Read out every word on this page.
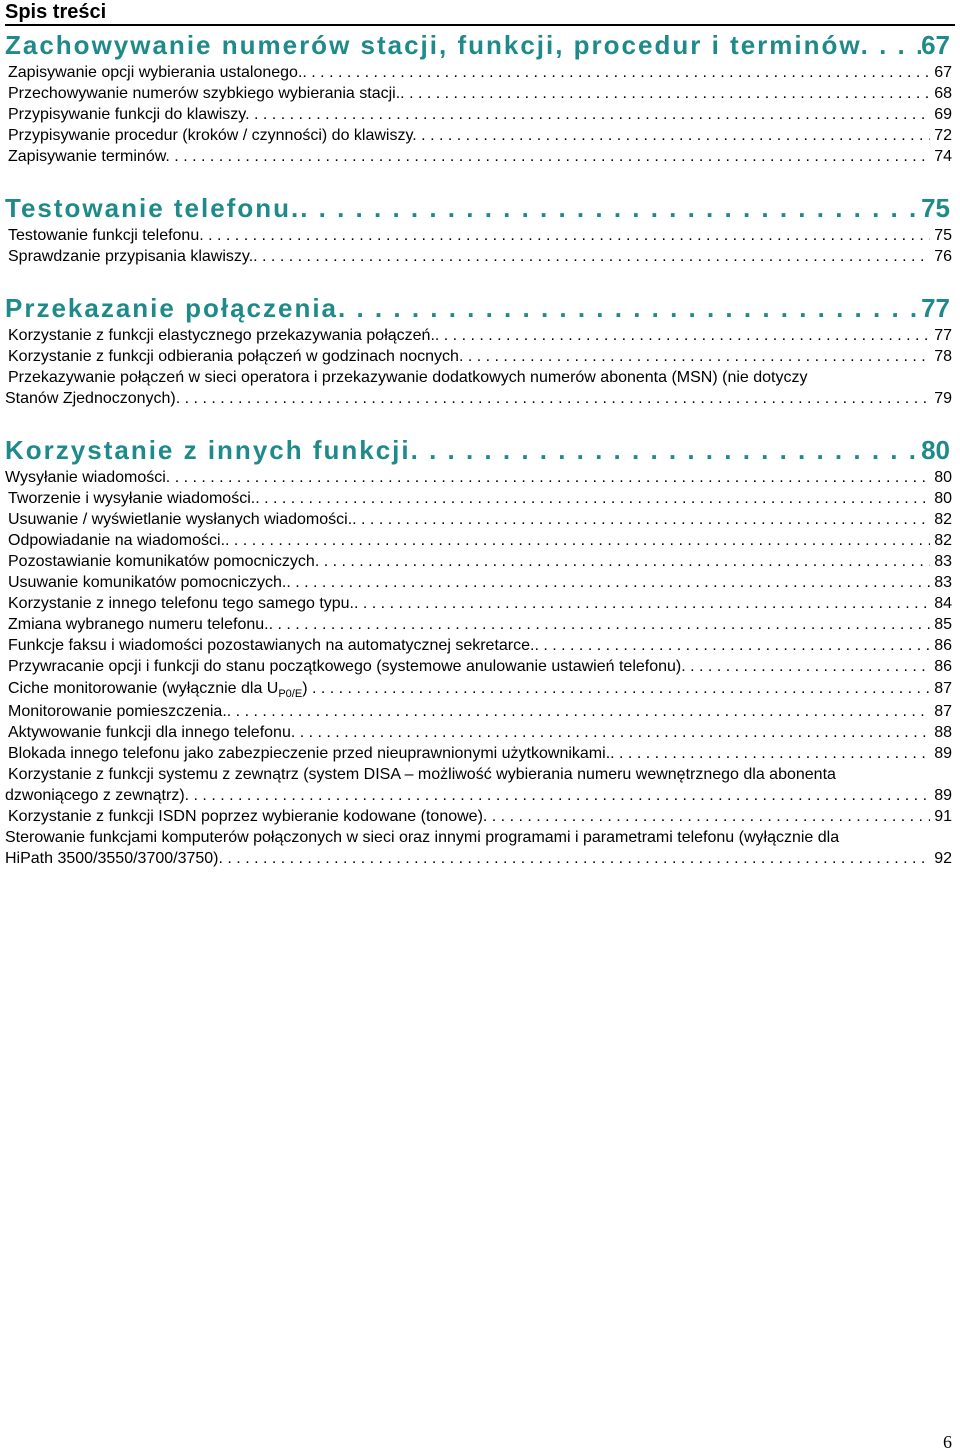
Spis treści
Zachowywanie numerów stacji, funkcji, procedur i terminów . . .	67
Zapisywanie opcji wybierania ustalonego. . . .	67
Przechowywanie numerów szybkiego wybierania stacji. . . .	68
Przypisywanie funkcji do klawiszy . . .	69
Przypisywanie procedur (kroków / czynności) do klawiszy . . .	72
Zapisywanie terminów . . .	74
Testowanie telefonu. . . .	75
Testowanie funkcji telefonu . . .	75
Sprawdzanie przypisania klawiszy. . . .	76
Przekazanie połączenia . . .	77
Korzystanie z funkcji elastycznego przekazywania połączeń. . . .	77
Korzystanie z funkcji odbierania połączeń w godzinach nocnych . . .	78
Przekazywanie połączeń w sieci operatora i przekazywanie dodatkowych numerów abonenta (MSN) (nie dotyczy
Stanów Zjednoczonych) . . .	79
Korzystanie z innych funkcji . . .	80
Wysyłanie wiadomości . . .	80
Tworzenie i wysyłanie wiadomości. . . .	80
Usuwanie / wyświetlanie wysłanych wiadomości. . . .	82
Odpowiadanie na wiadomości. . . .	82
Pozostawianie komunikatów pomocniczych . . .	83
Usuwanie komunikatów pomocniczych. . . .	83
Korzystanie z innego telefonu tego samego typu. . . .	84
Zmiana wybranego numeru telefonu. . . .	85
Funkcje faksu i wiadomości pozostawianych na automatycznej sekretarce. . . .	86
Przywracanie opcji i funkcji do stanu początkowego (systemowe anulowanie ustawień telefonu) . . .	86
Ciche monitorowanie (wyłącznie dla $U_{P0/E}$) . . .	87
Monitorowanie pomieszczenia. . . .	87
Aktywowanie funkcji dla innego telefonu . . .	88
Blokada innego telefonu jako zabezpieczenie przed nieuprawnionymi użytkownikami. . . .	89
Korzystanie z funkcji systemu z zewnątrz (system DISA – możliwość wybierania numeru wewnętrznego dla abonenta
dzwoniącego z zewnątrz) . . .	89
Korzystanie z funkcji ISDN poprzez wybieranie kodowane (tonowe) . . .	91
Sterowanie funkcjami komputerów połączonych w sieci oraz innymi programami i parametrami telefonu (wyłącznie dla
HiPath 3500/3550/3700/3750) . . .	92
6
